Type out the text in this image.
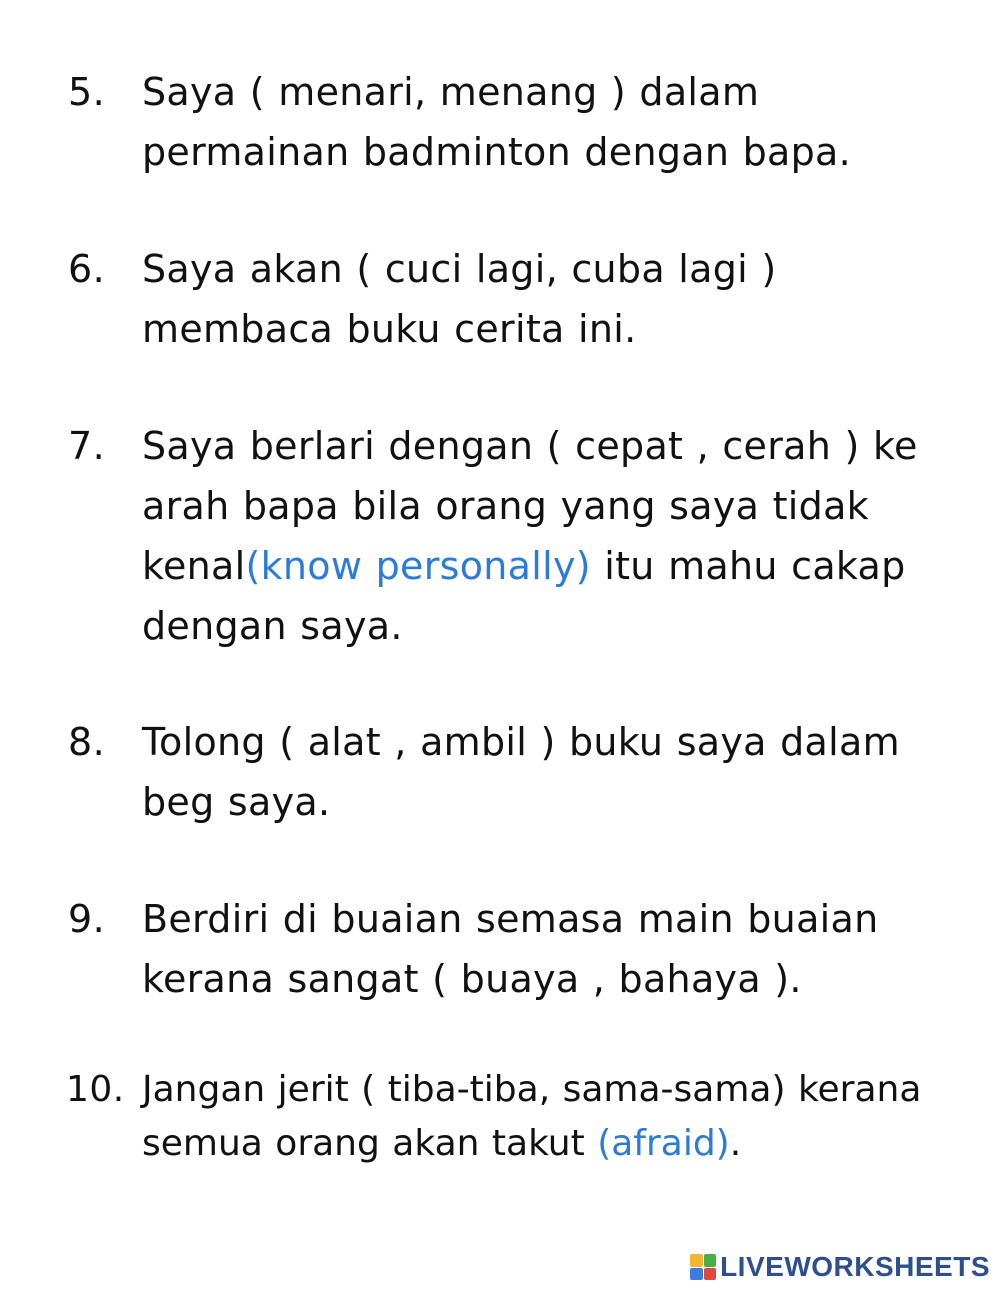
5. Saya ( menari, menang ) dalam
permainan badminton dengan bapa.
6. Saya akan ( cuci lagi, cuba lagi )
membaca buku cerita ini.
7. Saya berlari dengan ( cepat , cerah ) ke
arah bapa bila orang yang saya tidak
kenal(know personally) itu mahu cakap
dengan saya.
8. Tolong ( alat , ambil ) buku saya dalam
beg saya.
9. Berdiri di buaian semasa main buaian
kerana sangat ( buaya , bahaya ).
10. Jangan jerit ( tiba-tiba, sama-sama) kerana
semua orang akan takut (afraid).
LIVEWORKSHEETS
